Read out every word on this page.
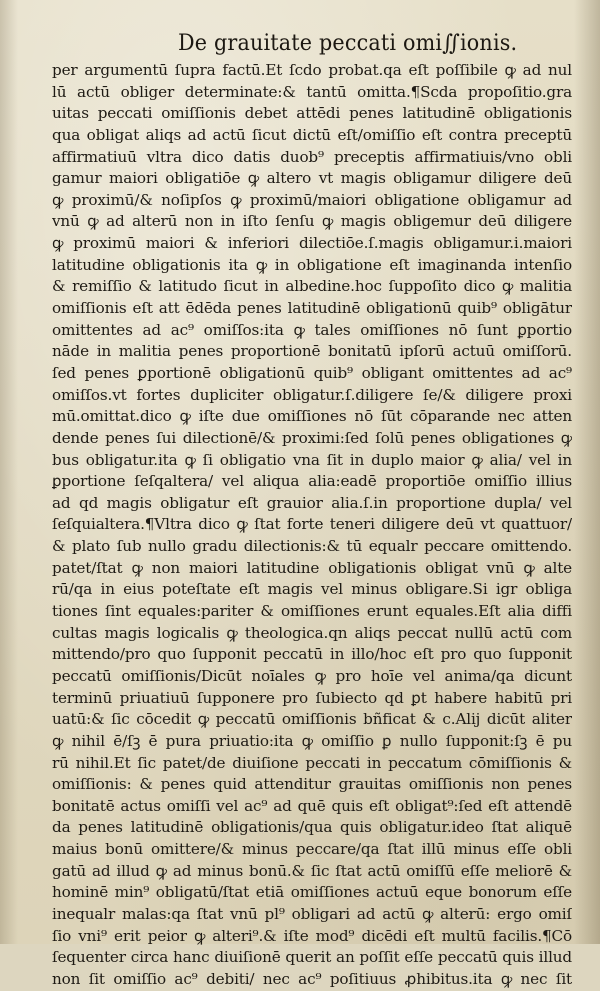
De grauitate peccati omi∬ionis.
per argumentū ſupra factū.Et ſcdo probat.qa eſt poſſibile ꝙ ad nul
lū actū obliger determinate:& tantū omitta.¶Scda propoſitio.gra
uitas peccati omiſſionis debet attēdi penes latitudinē obligationis
qua obligat aliqs ad actū ſicut dictū eſt/omiſſio eſt contra preceptū
affirmatiuū vltra dico datis duob⁹ preceptis affirmatiuis/vno obli
gamur maiori obligatiōe ꝙ altero vt magis obligamur diligere deū
ꝙ proximū/& noſipſos ꝙ proximū/maiori obligatione obligamur ad
vnū ꝙ ad alterū non in iſto ſenſu ꝙ magis obligemur deū diligere
ꝙ proximū maiori & inferiori dilectiōe.ſ.magis obligamur.i.maiori
latitudine obligationis ita ꝙ in obligatione eſt imaginanda intenſio
& remiſſio & latitudo ſicut in albedine.hoc ſuppoſito dico ꝙ malitia
omiſſionis eſt att ēdēda penes latitudinē obligationū quib⁹ obligātur
omittentes ad ac⁹ omiſſos:ita ꝙ tales omiſſiones nō ſunt ꝑportio
nāde in malitia penes proportionē bonitatū ipſorū actuū omiſſorū.
ſed penes ꝑportionē obligationū quib⁹ obligant omittentes ad ac⁹
omiſſos.vt fortes dupliciter obligatur.ſ.diligere ſe/& diligere proxi
mū.omittat.dico ꝙ iſte due omiſſiones nō ſūt cōparande nec atten
dende penes ſui dilectionē/& proximi:ſed ſolū penes obligationes ꝙ
bus obligatur.ita ꝙ ſi obligatio vna ſit in duplo maior ꝙ alia/ vel in
ꝑportione ſeſqaltera/ vel aliqua alia:eadē proportiōe omiſſio illius
ad qd magis obligatur eſt grauior alia.ſ.in proportione dupla/ vel
ſeſquialtera.¶Vltra dico ꝙ ſtat forte teneri diligere deū vt quattuor/
& plato ſub nullo gradu dilectionis:& tū equalr peccare omittendo.
patet/ſtat ꝙ non maiori latitudine obligationis obligat vnū ꝙ alte
rū/qa in eius poteſtate eſt magis vel minus obligare.Si igr obliga
tiones ſint equales:pariter & omiſſiones erunt equales.Eſt alia diffi
cultas magis logicalis ꝙ theologica.qn aliqs peccat nullū actū com
mittendo/pro quo ſupponit peccatū in illo/hoc eſt pro quo ſupponit
peccatū omiſſionis/Dicūt noīales ꝙ pro hoīe vel anima/qa dicunt
terminū priuatiuū ſupponere pro ſubiecto qd ꝑt habere habitū pri
uatū:& ſic cōcedit ꝙ peccatū omiſſionis bñficat & c.Alij dicūt aliter
ꝙ nihil ē/ſꝫ ē pura priuatio:ita ꝙ omiſſio ꝑ nullo ſupponit:ſꝫ ē pu
rū nihil.Et ſic patet/de diuiſione peccati in peccatum cōmiſſionis &
omiſſionis: & penes quid attenditur grauitas omiſſionis non penes
bonitatē actus omiſſi vel ac⁹ ad quē quis eſt obligat⁹:ſed eſt attendē
da penes latitudinē obligationis/qua quis obligatur.ideo ſtat aliquē
maius bonū omittere/& minus peccare/qa ſtat illū minus eſſe obli
gatū ad illud ꝙ ad minus bonū.& ſic ſtat actū omiſſū eſſe meliorē &
hominē min⁹ obligatū/ſtat etiā omiſſiones actuū eque bonorum eſſe
inequalr malas:qa ſtat vnū pl⁹ obligari ad actū ꝙ alterū: ergo omiſ
ſio vni⁹ erit peior ꝙ alteri⁹.& iſte mod⁹ dicēdi eſt multū facilis.¶Cō
ſequenter circa hanc diuiſionē querit an poſſit eſſe peccatū quis illud
non ſit omiſſio ac⁹ debiti/ nec ac⁹ poſitiuus ꝓhibitus.ita ꝙ nec ſit
